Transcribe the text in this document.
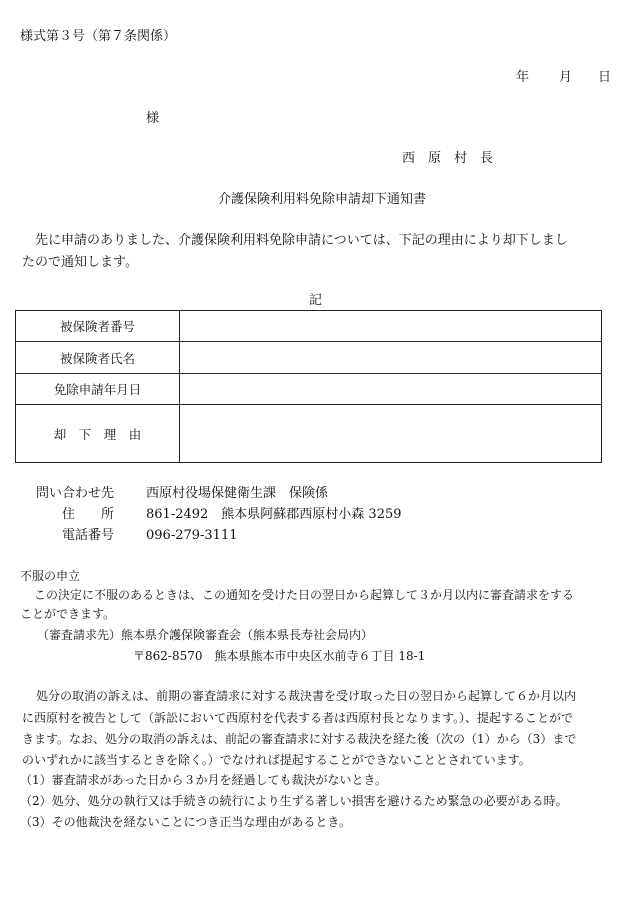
様式第３号（第７条関係）
年 月 日
様
西　原　村　長
介護保険利用料免除申請却下通知書
先に申請のありました、介護保険利用料免除申請については、下記の理由により却下しまし
たので通知します。
記
被保険者番号	
被保険者氏名	
免除申請年月日	
却　下　理　由	
問い合わせ先 西原村役場保健衛生課　保険係
住　　所 861-2492　熊本県阿蘇郡西原村小森 3259
電話番号 096-279-3111
不服の申立
この決定に不服のあるときは、この通知を受けた日の翌日から起算して３か月以内に審査請求をする
ことができます。
（審査請求先）熊本県介護保険審査会（熊本県長寿社会局内）
〒862-8570　熊本県熊本市中央区水前寺６丁目 18-1
処分の取消の訴えは、前期の審査請求に対する裁決書を受け取った日の翌日から起算して６か月以内
に西原村を被告として（訴訟において西原村を代表する者は西原村長となります。）、提起することがで
きます。なお、処分の取消の訴えは、前記の審査請求に対する裁決を経た後（次の（1）から（3）まで
のいずれかに該当するときを除く。）でなければ提起することができないこととされています。
（1）審査請求があった日から３か月を経過しても裁決がないとき。
（2）処分、処分の執行又は手続きの続行により生ずる著しい損害を避けるため緊急の必要がある時。
（3）その他裁決を経ないことにつき正当な理由があるとき。
